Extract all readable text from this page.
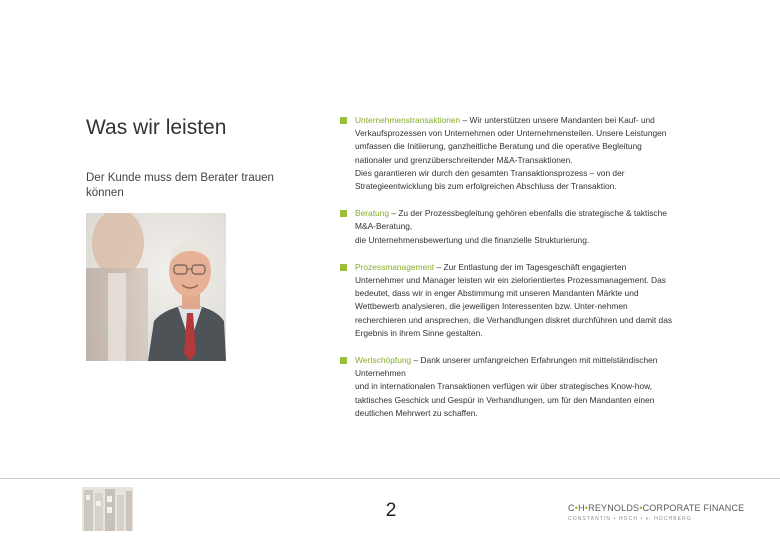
Was wir leisten
Der Kunde muss dem Berater trauen können
Unternehmenstransaktionen – Wir unterstützen unsere Mandanten bei Kauf- und
Verkaufsprozessen von Unternehmen oder Unternehmensteilen. Unsere Leistungen
umfassen die Initiierung, ganzheitliche Beratung und die operative Begleitung
nationaler und grenzüberschreitender M&A-Transaktionen.
Dies garantieren wir durch den gesamten Transaktionsprozess – von der
Strategieentwicklung bis zum erfolgreichen Abschluss der Transaktion.
Beratung – Zu der Prozessbegleitung gehören ebenfalls die strategische & taktische
M&A-Beratung,
die Unternehmensbewertung und die finanzielle Strukturierung.
Prozessmanagement – Zur Entlastung der im Tagesgeschäft engagierten
Unternehmer und Manager leisten wir ein zielorientiertes Prozessmanagement. Das
bedeutet, dass wir in enger Abstimmung mit unseren Mandanten Märkte und
Wettbewerb analysieren, die jeweiligen Interessenten bzw. Unter-nehmen
recherchieren und ansprechen, die Verhandlungen diskret durchführen und damit das
Ergebnis in ihrem Sinne gestalten.
Wertschöpfung – Dank unserer umfangreichen Erfahrungen mit mittelständischen
Unternehmen
und in internationalen Transaktionen verfügen wir über strategisches Know-how,
taktisches Geschick und Gespür in Verhandlungen, um für den Mandanten einen
deutlichen Mehrwert zu schaffen.
2	C•H•REYNOLDS•CORPORATE FINANCE
CONSTANTIN • HOCH • v. HOCHBERG
